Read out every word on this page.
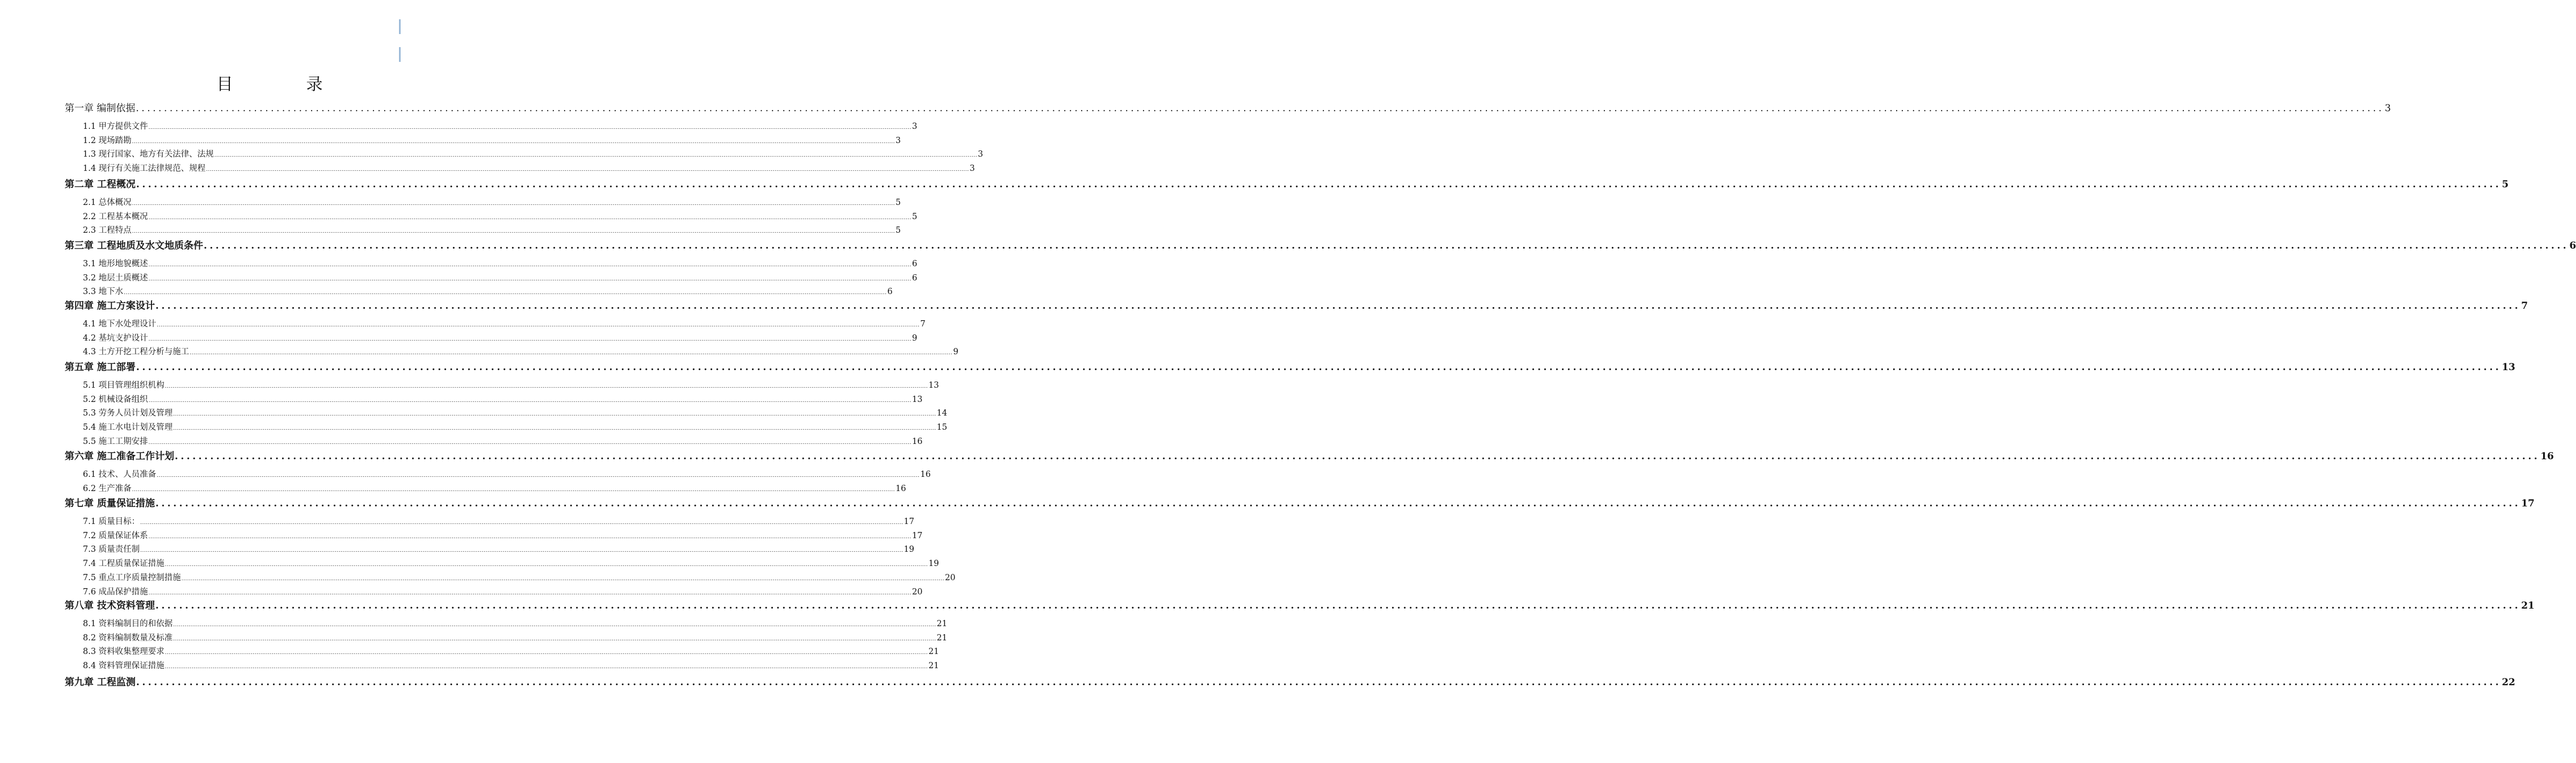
目　录
第一章 编制依据 ................................................................................................................................................................................................................................................................................................................................................................................................................ 3
1.1 甲方提供文件 ................................................................................................................................................................................................................................................................................................................................................................................................................ 3
1.2 现场踏勘 ................................................................................................................................................................................................................................................................................................................................................................................................................ 3
1.3 现行国家、地方有关法律、法规 ................................................................................................................................................................................................................................................................................................................................................................................................................ 3
1.4 现行有关施工法律规范、规程 ................................................................................................................................................................................................................................................................................................................................................................................................................ 3
第二章 工程概况 ................................................................................................................................................................................................................................................................................................................................................................................................................ 5
2.1 总体概况 ................................................................................................................................................................................................................................................................................................................................................................................................................ 5
2.2 工程基本概况 ................................................................................................................................................................................................................................................................................................................................................................................................................ 5
2.3 工程特点 ................................................................................................................................................................................................................................................................................................................................................................................................................ 5
第三章 工程地质及水文地质条件 ................................................................................................................................................................................................................................................................................................................................................................................................................ 6
3.1 地形地貌概述 ................................................................................................................................................................................................................................................................................................................................................................................................................ 6
3.2 地层土质概述 ................................................................................................................................................................................................................................................................................................................................................................................................................ 6
3.3 地下水 ................................................................................................................................................................................................................................................................................................................................................................................................................ 6
第四章 施工方案设计 ................................................................................................................................................................................................................................................................................................................................................................................................................ 7
4.1 地下水处理设计 ................................................................................................................................................................................................................................................................................................................................................................................................................ 7
4.2 基坑支护设计 ................................................................................................................................................................................................................................................................................................................................................................................................................ 9
4.3 土方开挖工程分析与施工 ................................................................................................................................................................................................................................................................................................................................................................................................................ 9
第五章 施工部署 ................................................................................................................................................................................................................................................................................................................................................................................................................ 13
5.1 项目管理组织机构 ................................................................................................................................................................................................................................................................................................................................................................................................................ 13
5.2 机械设备组织 ................................................................................................................................................................................................................................................................................................................................................................................................................ 13
5.3 劳务人员计划及管理 ................................................................................................................................................................................................................................................................................................................................................................................................................ 14
5.4 施工水电计划及管理 ................................................................................................................................................................................................................................................................................................................................................................................................................ 15
5.5 施工工期安排 ................................................................................................................................................................................................................................................................................................................................................................................................................ 16
第六章 施工准备工作计划 ................................................................................................................................................................................................................................................................................................................................................................................................................ 16
6.1 技术、人员准备 ................................................................................................................................................................................................................................................................................................................................................................................................................ 16
6.2 生产准备 ................................................................................................................................................................................................................................................................................................................................................................................................................ 16
第七章 质量保证措施 ................................................................................................................................................................................................................................................................................................................................................................................................................ 17
7.1 质量目标： ................................................................................................................................................................................................................................................................................................................................................................................................................ 17
7.2 质量保证体系 ................................................................................................................................................................................................................................................................................................................................................................................................................ 17
7.3 质量责任制 ................................................................................................................................................................................................................................................................................................................................................................................................................ 19
7.4 工程质量保证措施 ................................................................................................................................................................................................................................................................................................................................................................................................................ 19
7.5 重点工序质量控制措施 ................................................................................................................................................................................................................................................................................................................................................................................................................ 20
7.6 成品保护措施 ................................................................................................................................................................................................................................................................................................................................................................................................................ 20
第八章 技术资料管理 ................................................................................................................................................................................................................................................................................................................................................................................................................ 21
8.1 资料编制目的和依据 ................................................................................................................................................................................................................................................................................................................................................................................................................ 21
8.2 资料编制数量及标准 ................................................................................................................................................................................................................................................................................................................................................................................................................ 21
8.3 资料收集整理要求 ................................................................................................................................................................................................................................................................................................................................................................................................................ 21
8.4 资料管理保证措施 ................................................................................................................................................................................................................................................................................................................................................................................................................ 21
第九章 工程监测 ................................................................................................................................................................................................................................................................................................................................................................................................................ 22
